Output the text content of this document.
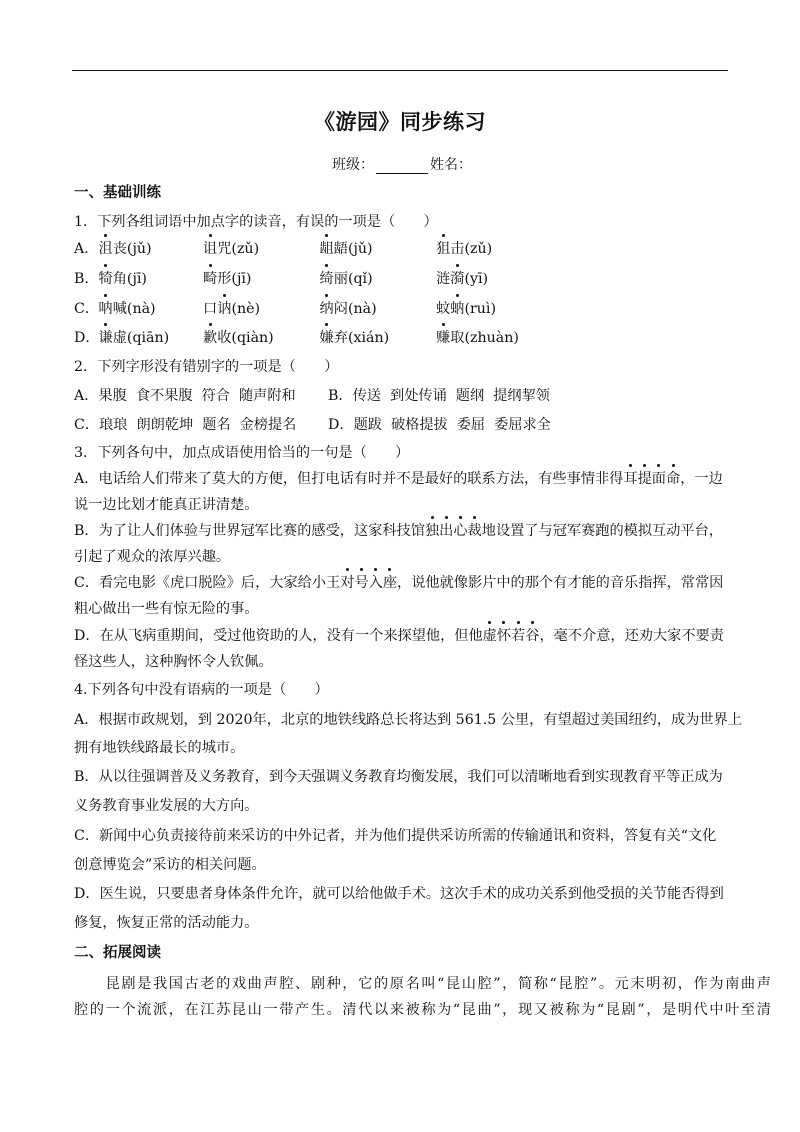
《游园》同步练习
班级：	姓名：
一、基础训练
1．下列各组词语中加点字的读音，有误的一项是（　　）
A． 沮丧(jǔ)	诅咒(zǔ)	龃龉(jǔ)	狙击(zǔ)
B． 犄角(jī)	畸形(jī)	绮丽(qǐ)	涟漪(yī)
C． 呐喊(nà)	口讷(nè)	纳闷(nà)	蚊蚋(ruì)
D． 谦虚(qiān) 歉收(qiàn)	嫌弃(xián)	赚取(zhuàn)
2．下列字形没有错别字的一项是（　　）
A．果腹  食不果腹  符合  随声附和 B．传送  到处传诵  题纲  提纲挈领
C．琅琅  朗朗乾坤  题名  金榜提名 D．题跋  破格提拔  委屈  委屈求全
3．下列各句中，加点成语使用恰当的一句是（　　）
A．电话给人们带来了莫大的方便，但打电话有时并不是最好的联系方法，有些事情非得耳提面命，一边
说一边比划才能真正讲清楚。
B．为了让人们体验与世界冠军比赛的感受，这家科技馆独出心裁地设置了与冠军赛跑的模拟互动平台，
引起了观众的浓厚兴趣。
C．看完电影《虎口脱险》后，大家给小王对号入座，说他就像影片中的那个有才能的音乐指挥，常常因
粗心做出一些有惊无险的事。
D．在从飞病重期间，受过他资助的人，没有一个来探望他，但他虚怀若谷，毫不介意，还劝大家不要责
怪这些人，这种胸怀令人钦佩。
4.下列各句中没有语病的一项是（　　）
A．根据市政规划，到 2020年，北京的地铁线路总长将达到 561.5 公里，有望超过美国纽约，成为世界上
拥有地铁线路最长的城市。
B．从以往强调普及义务教育，到今天强调义务教育均衡发展，我们可以清晰地看到实现教育平等正成为
义务教育事业发展的大方向。
C．新闻中心负责接待前来采访的中外记者，并为他们提供采访所需的传输通讯和资料，答复有关“文化
创意博览会”采访的相关问题。
D．医生说，只要患者身体条件允许，就可以给他做手术。这次手术的成功关系到他受损的关节能否得到
修复，恢复正常的活动能力。
二、拓展阅读
　　昆剧是我国古老的戏曲声腔、剧种，它的原名叫“昆山腔”，简称“昆腔”。元末明初，作为南曲声
腔的一个流派，在江苏昆山一带产生。清代以来被称为“昆曲”，现又被称为“昆剧”，是明代中叶至清
